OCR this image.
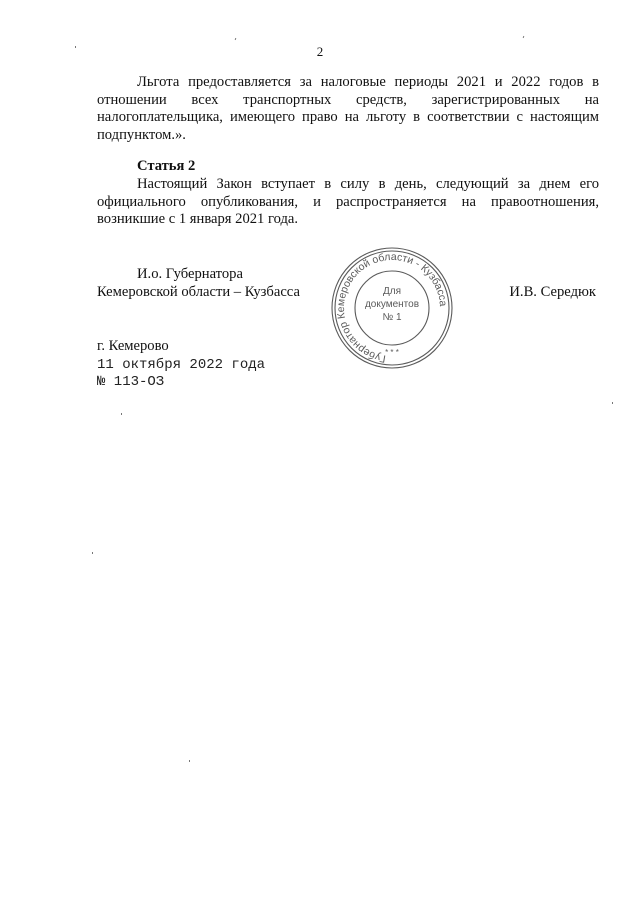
2
Льгота предоставляется за налоговые периоды 2021 и 2022 годов в отношении всех транспортных средств, зарегистрированных на налогоплательщика, имеющего право на льготу в соответствии с настоящим подпунктом.».
Статья 2
Настоящий Закон вступает в силу в день, следующий за днем его официального опубликования, и распространяется на правоотношения, возникшие с 1 января 2021 года.
И.о. Губернатора
Кемеровской области – Кузбасса	И.В. Середюк
Губернатор Кемеровской области - Кузбасса
Для
документов
№ 1
* * *
г. Кемерово
11 октября 2022 года
№ 113-ОЗ
